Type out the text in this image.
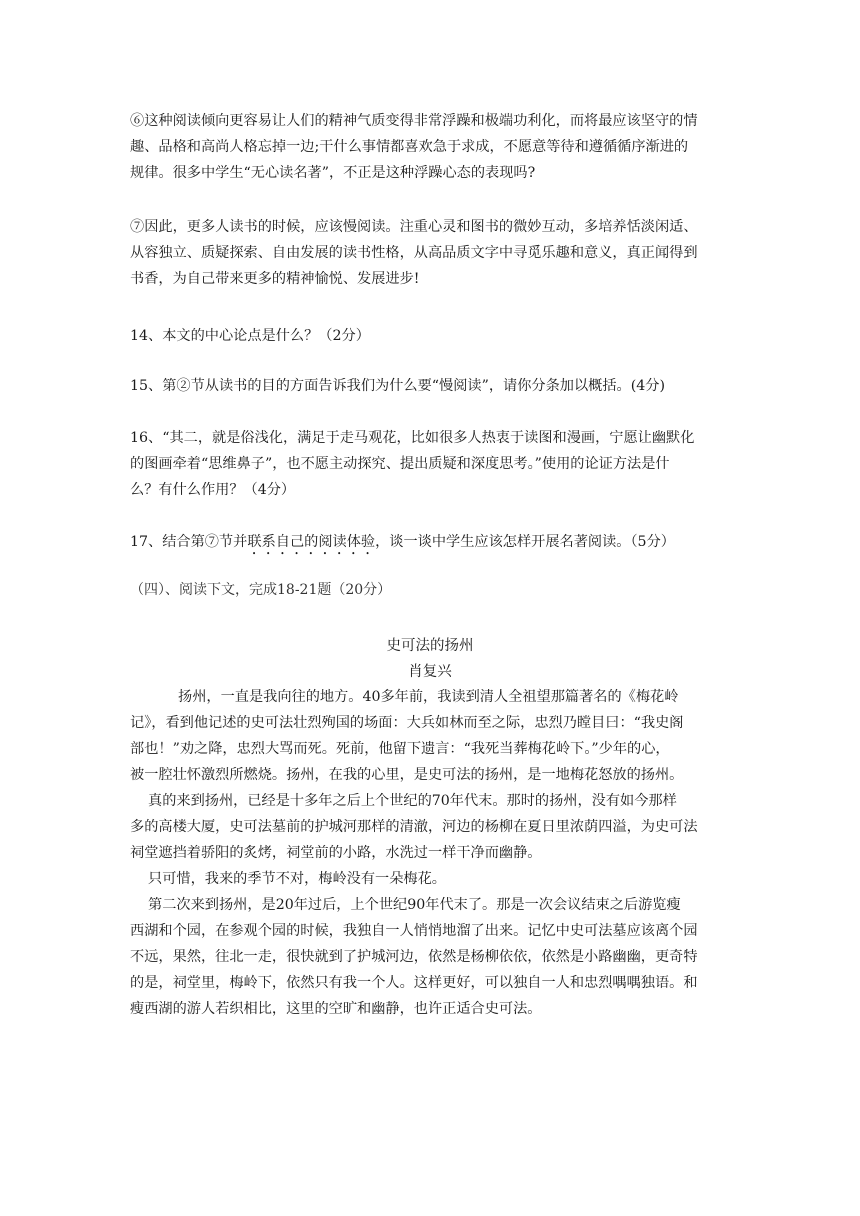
⑥这种阅读倾向更容易让人们的精神气质变得非常浮躁和极端功利化，而将最应该坚守的情
趣、品格和高尚人格忘掉一边;干什么事情都喜欢急于求成，不愿意等待和遵循循序渐进的
规律。很多中学生“无心读名著”，不正是这种浮躁心态的表现吗?
⑦因此，更多人读书的时候，应该慢阅读。注重心灵和图书的微妙互动，多培养恬淡闲适、
从容独立、质疑探索、自由发展的读书性格，从高品质文字中寻觅乐趣和意义，真正闻得到
书香，为自己带来更多的精神愉悦、发展进步!
14、本文的中心论点是什么？（2分）
15、第②节从读书的目的方面告诉我们为什么要“慢阅读”，请你分条加以概括。(4分)
16、“其二，就是俗浅化，满足于走马观花，比如很多人热衷于读图和漫画，宁愿让幽默化
的图画牵着“思维鼻子”，也不愿主动探究、提出质疑和深度思考。”使用的论证方法是什
么？有什么作用？（4分）
17、结合第⑦节并联系自己的阅读体验，谈一谈中学生应该怎样开展名著阅读。（5分）
（四）、阅读下文，完成18-21题（20分）
史可法的扬州
肖复兴
扬州，一直是我向往的地方。40多年前，我读到清人全祖望那篇著名的《梅花岭
记》，看到他记述的史可法壮烈殉国的场面：大兵如林而至之际，忠烈乃瞠目曰：“我史阁
部也！”劝之降，忠烈大骂而死。死前，他留下遗言：“我死当葬梅花岭下。”少年的心，
被一腔壮怀激烈所燃烧。扬州，在我的心里，是史可法的扬州，是一地梅花怒放的扬州。
真的来到扬州，已经是十多年之后上个世纪的70年代末。那时的扬州，没有如今那样
多的高楼大厦，史可法墓前的护城河那样的清澈，河边的杨柳在夏日里浓荫四溢，为史可法
祠堂遮挡着骄阳的炙烤，祠堂前的小路，水洗过一样干净而幽静。
只可惜，我来的季节不对，梅岭没有一朵梅花。
第二次来到扬州，是20年过后，上个世纪90年代末了。那是一次会议结束之后游览瘦
西湖和个园，在参观个园的时候，我独自一人悄悄地溜了出来。记忆中史可法墓应该离个园
不远，果然，往北一走，很快就到了护城河边，依然是杨柳依依，依然是小路幽幽，更奇特
的是，祠堂里，梅岭下，依然只有我一个人。这样更好，可以独自一人和忠烈喁喁独语。和
瘦西湖的游人若织相比，这里的空旷和幽静，也许正适合史可法。
